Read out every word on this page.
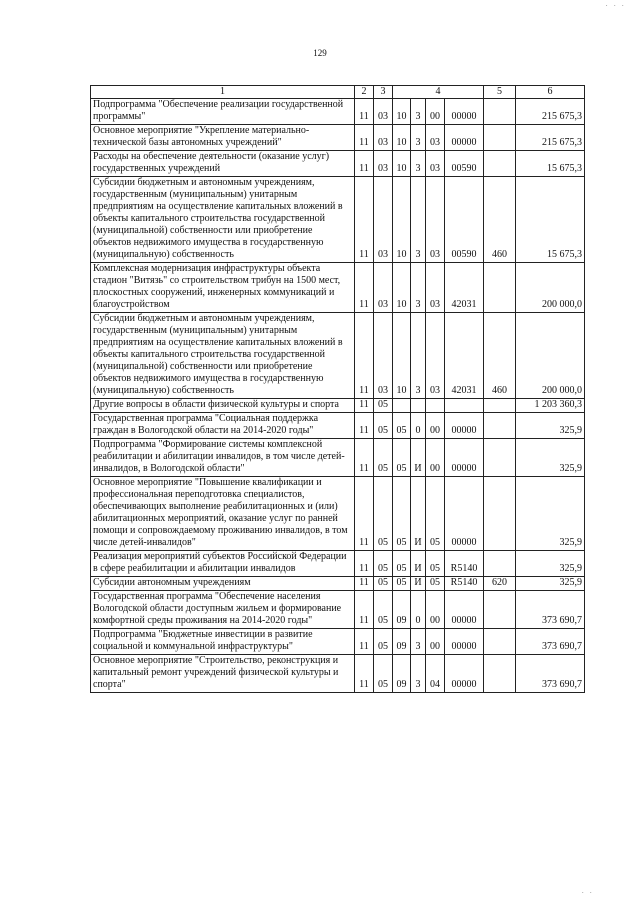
· · ·
129
1	2	3	4				5	6
Подпрограмма "Обеспечение реализации государственной программы"	11	03	10	3	00	00000		215 675,3
Основное мероприятие "Укрепление материально-технической базы автономных учреждений"	11	03	10	3	03	00000		215 675,3
Расходы на обеспечение деятельности (оказание услуг) государственных учреждений	11	03	10	3	03	00590		15 675,3
Субсидии бюджетным и автономным учреждениям, государственным (муниципальным) унитарным предприятиям на осуществление капитальных вложений в объекты капитального строительства государственной (муниципальной) собственности или приобретение объектов недвижимого имущества в государственную (муниципальную) собственность	11	03	10	3	03	00590	460	15 675,3
Комплексная модернизация инфраструктуры объекта стадион "Витязь" со строительством трибун на 1500 мест, плоскостных сооружений, инженерных коммуникаций и благоустройством	11	03	10	3	03	42031		200 000,0
Субсидии бюджетным и автономным учреждениям, государственным (муниципальным) унитарным предприятиям на осуществление капитальных вложений в объекты капитального строительства государственной (муниципальной) собственности или приобретение объектов недвижимого имущества в государственную (муниципальную) собственность	11	03	10	3	03	42031	460	200 000,0
Другие вопросы в области физической культуры и спорта	11	05						1 203 360,3
Государственная программа "Социальная поддержка граждан в Вологодской области на 2014-2020 годы"	11	05	05	0	00	00000		325,9
Подпрограмма "Формирование системы комплексной реабилитации и абилитации инвалидов, в том числе детей-инвалидов, в Вологодской области"	11	05	05	И	00	00000		325,9
Основное мероприятие "Повышение квалификации и профессиональная переподготовка специалистов, обеспечивающих выполнение реабилитационных и (или) абилитационных мероприятий, оказание услуг по ранней помощи и сопровождаемому проживанию инвалидов, в том числе детей-инвалидов"	11	05	05	И	05	00000		325,9
Реализация мероприятий субъектов Российской Федерации в сфере реабилитации и абилитации инвалидов	11	05	05	И	05	R5140		325,9
Субсидии автономным учреждениям	11	05	05	И	05	R5140	620	325,9
Государственная программа "Обеспечение населения Вологодской области доступным жильем и формирование комфортной среды проживания на 2014-2020 годы"	11	05	09	0	00	00000		373 690,7
Подпрограмма "Бюджетные инвестиции в развитие социальной и коммунальной инфраструктуры"	11	05	09	3	00	00000		373 690,7
Основное мероприятие "Строительство, реконструкция и капитальный ремонт учреждений физической культуры и спорта"	11	05	09	3	04	00000		373 690,7
· ·
